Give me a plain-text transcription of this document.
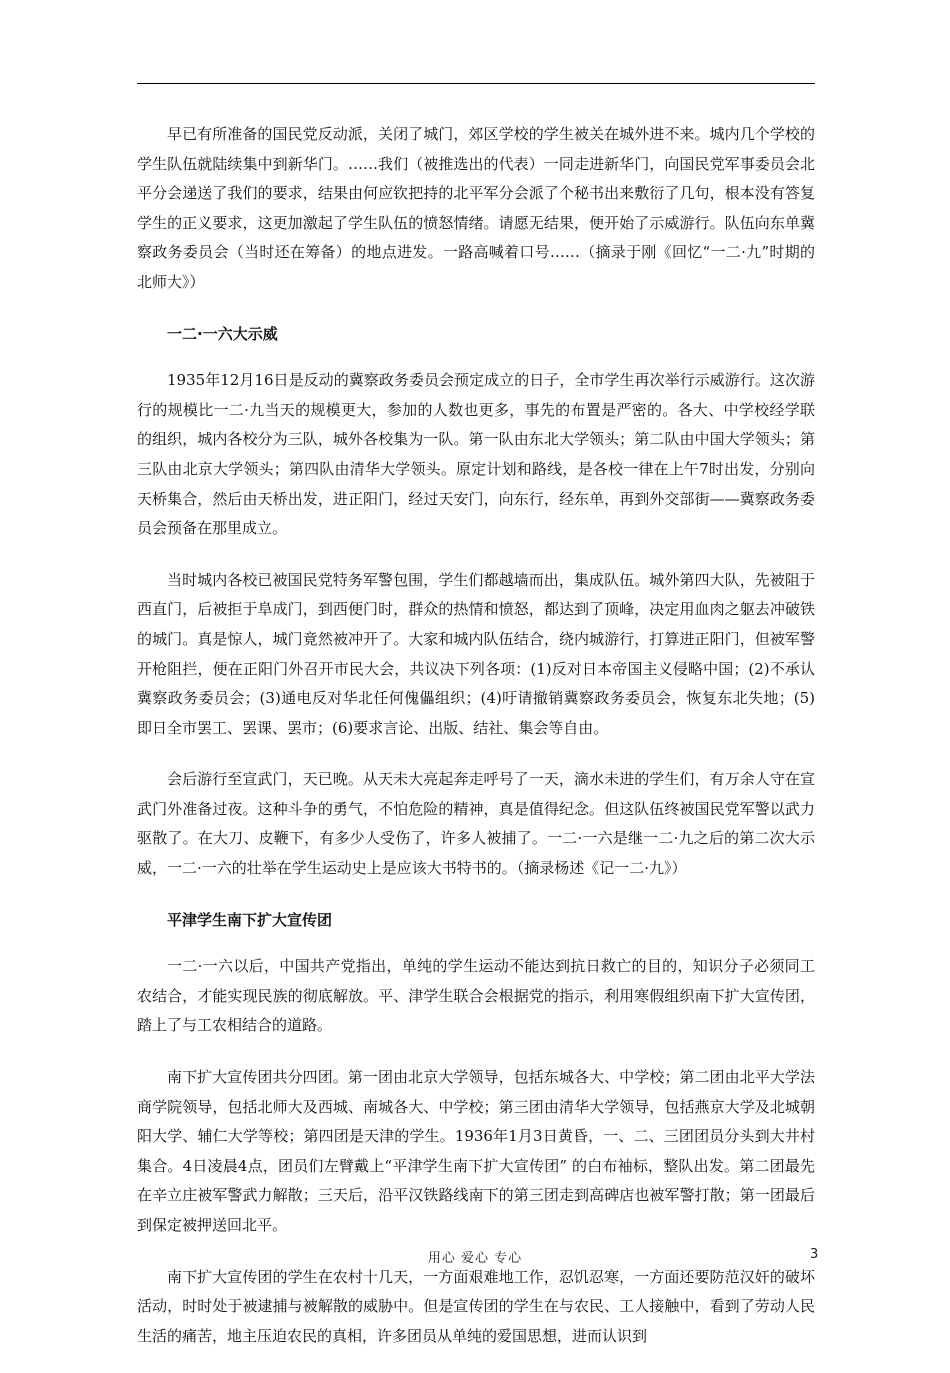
早已有所准备的国民党反动派，关闭了城门，郊区学校的学生被关在城外进不来。城内几个学校的学生队伍就陆续集中到新华门。……我们（被推选出的代表）一同走进新华门，向国民党军事委员会北平分会递送了我们的要求，结果由何应钦把持的北平军分会派了个秘书出来敷衍了几句，根本没有答复学生的正义要求，这更加激起了学生队伍的愤怒情绪。请愿无结果，便开始了示威游行。队伍向东单冀察政务委员会（当时还在筹备）的地点进发。一路高喊着口号……（摘录于刚《回忆“一二·九”时期的北师大》）

一二·一六大示威

1935年12月16日是反动的冀察政务委员会预定成立的日子，全市学生再次举行示威游行。这次游行的规模比一二·九当天的规模更大，参加的人数也更多，事先的布置是严密的。各大、中学校经学联的组织，城内各校分为三队，城外各校集为一队。第一队由东北大学领头；第二队由中国大学领头；第三队由北京大学领头；第四队由清华大学领头。原定计划和路线，是各校一律在上午7时出发，分别向天桥集合，然后由天桥出发，进正阳门，经过天安门，向东行，经东单，再到外交部街——冀察政务委员会预备在那里成立。

当时城内各校已被国民党特务军警包围，学生们都越墙而出，集成队伍。城外第四大队，先被阻于西直门，后被拒于阜成门，到西便门时，群众的热情和愤怒，都达到了顶峰，决定用血肉之躯去冲破铁的城门。真是惊人，城门竟然被冲开了。大家和城内队伍结合，绕内城游行，打算进正阳门，但被军警开枪阻拦，便在正阳门外召开市民大会，共议决下列各项：(1)反对日本帝国主义侵略中国；(2)不承认冀察政务委员会；(3)通电反对华北任何傀儡组织；(4)吁请撤销冀察政务委员会，恢复东北失地；(5)即日全市罢工、罢课、罢市；(6)要求言论、出版、结社、集会等自由。

会后游行至宣武门，天已晚。从天未大亮起奔走呼号了一天，滴水未进的学生们，有万余人守在宣武门外准备过夜。这种斗争的勇气，不怕危险的精神，真是值得纪念。但这队伍终被国民党军警以武力驱散了。在大刀、皮鞭下，有多少人受伤了，许多人被捕了。一二·一六是继一二·九之后的第二次大示威，一二·一六的壮举在学生运动史上是应该大书特书的。（摘录杨述《记一二·九》）

平津学生南下扩大宣传团

一二·一六以后，中国共产党指出，单纯的学生运动不能达到抗日救亡的目的，知识分子必须同工农结合，才能实现民族的彻底解放。平、津学生联合会根据党的指示，利用寒假组织南下扩大宣传团，踏上了与工农相结合的道路。

南下扩大宣传团共分四团。第一团由北京大学领导，包括东城各大、中学校；第二团由北平大学法商学院领导，包括北师大及西城、南城各大、中学校；第三团由清华大学领导，包括燕京大学及北城朝阳大学、辅仁大学等校；第四团是天津的学生。1936年1月3日黄昏，一、二、三团团员分头到大井村集合。4日凌晨4点，团员们左臂戴上“平津学生南下扩大宣传团” 的白布袖标，整队出发。第二团最先在辛立庄被军警武力解散；三天后，沿平汉铁路线南下的第三团走到高碑店也被军警打散；第一团最后到保定被押送回北平。

南下扩大宣传团的学生在农村十几天，一方面艰难地工作，忍饥忍寒，一方面还要防范汉奸的破坏活动，时时处于被逮捕与被解散的威胁中。但是宣传团的学生在与农民、工人接触中，看到了劳动人民生活的痛苦，地主压迫农民的真相，许多团员从单纯的爱国思想，进而认识到

用心 爱心 专心	3
